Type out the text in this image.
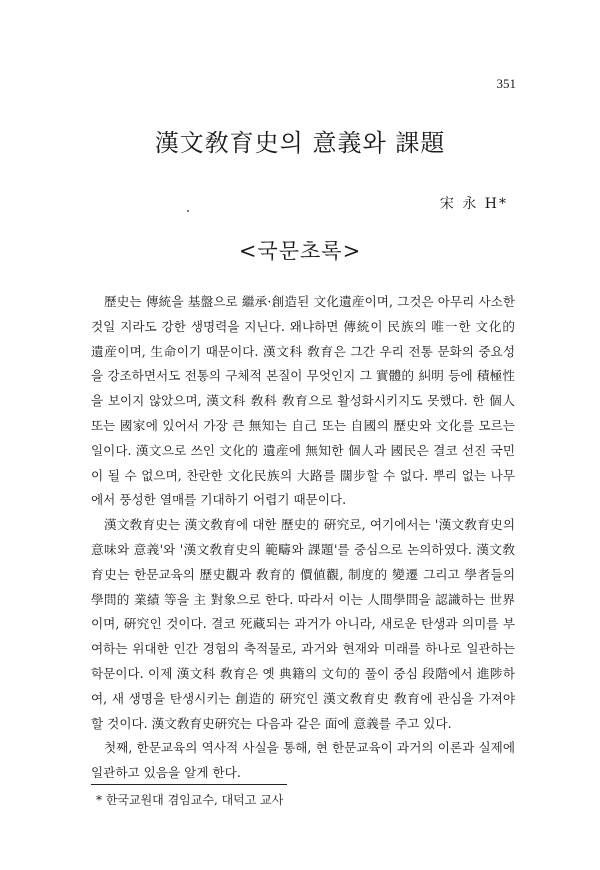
351
漢文敎育史의 意義와 課題
宋 永 H*
<국문초록>

歷史는 傳統을 基盤으로 繼承·創造된 文化遺産이며, 그것은 아무리 사소한 것일 지라도 강한 생명력을 지닌다. 왜냐하면 傳統이 民族의 唯一한 文化的 遺産이며, 生命이기 때문이다. 漢文科 敎育은 그간 우리 전통 문화의 중요성을 강조하면서도 전통의 구체적 본질이 무엇인지 그 實體的 糾明 등에 積極性을 보이지 않았으며, 漢文科 敎科 敎育으로 활성화시키지도 못했다. 한 個人 또는 國家에 있어서 가장 큰 無知는 自己 또는 自國의 歷史와 文化를 모르는 일이다. 漢文으로 쓰인 文化的 遺産에 無知한 個人과 國民은 결코 선진 국민이 될 수 없으며, 찬란한 文化民族의 大路를 闊步할 수 없다. 뿌리 없는 나무에서 풍성한 열매를 기대하기 어렵기 때문이다.

漢文敎育史는 漢文敎育에 대한 歷史的 硏究로, 여기에서는 '漢文敎育史의 意味와 意義'와 '漢文敎育史의 範疇와 課題'를 중심으로 논의하였다. 漢文敎育史는 한문교육의 歷史觀과 敎育的 價値觀, 制度的 變遷 그리고 學者들의 學問的 業績 等을 主 對象으로 한다. 따라서 이는 人間學問을 認識하는 世界이며, 硏究인 것이다. 결코 死藏되는 과거가 아니라, 새로운 탄생과 의미를 부여하는 위대한 인간 경험의 축적물로, 과거와 현재와 미래를 하나로 일관하는 학문이다. 이제 漢文科 敎育은 옛 典籍의 文句的 풀이 중심 段階에서 進陟하여, 새 생명을 탄생시키는 創造的 硏究인 漢文敎育史 敎育에 관심을 가져야 할 것이다. 漢文敎育史硏究는 다음과 같은 面에 意義를 주고 있다.

첫째, 한문교육의 역사적 사실을 통해, 현 한문교육이 과거의 이론과 실제에 일관하고 있음을 알게 한다.

* 한국교원대 겸임교수, 대덕고 교사
